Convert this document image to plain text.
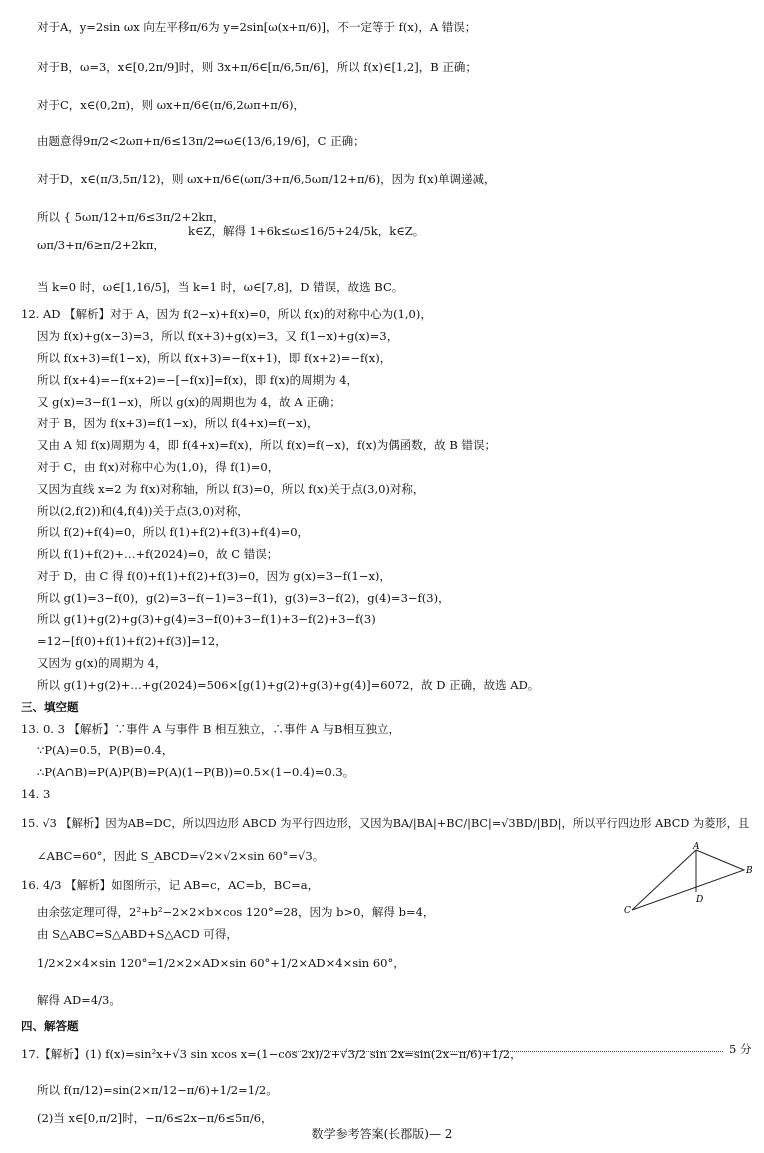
对于A，y=2sin ωx 向左平移π/6为 y=2sin[ω(x+π/6)]，不一定等于 f(x)，A 错误；
对于B，ω=3，x∈[0,2π/9]时，则 3x+π/6∈[π/6,5π/6]，所以 f(x)∈[1,2]，B 正确；
对于C，x∈(0,2π)，则 ωx+π/6∈(π/6,2ωπ+π/6)，
由题意得9π/2<2ωπ+π/6≤13π/2⇒ω∈(13/6,19/6]，C 正确；
对于D，x∈(π/3,5π/12)，则 ωx+π/6∈(ωπ/3+π/6,5ωπ/12+π/6)，因为 f(x)单调递减，
所以 { 5ωπ/12+π/6≤3π/2+2kπ，
k∈Z，解得 1+6k≤ω≤16/5+24/5k，k∈Z。
ωπ/3+π/6≥π/2+2kπ，
当 k=0 时，ω∈[1,16/5]，当 k=1 时，ω∈[7,8]，D 错误，故选 BC。
12. AD 【解析】对于 A，因为 f(2−x)+f(x)=0，所以 f(x)的对称中心为(1,0)，
因为 f(x)+g(x−3)=3，所以 f(x+3)+g(x)=3，又 f(1−x)+g(x)=3，
所以 f(x+3)=f(1−x)，所以 f(x+3)=−f(x+1)，即 f(x+2)=−f(x)，
所以 f(x+4)=−f(x+2)=−[−f(x)]=f(x)，即 f(x)的周期为 4，
又 g(x)=3−f(1−x)，所以 g(x)的周期也为 4，故 A 正确；
对于 B，因为 f(x+3)=f(1−x)，所以 f(4+x)=f(−x)，
又由 A 知 f(x)周期为 4，即 f(4+x)=f(x)，所以 f(x)=f(−x)，f(x)为偶函数，故 B 错误；
对于 C，由 f(x)对称中心为(1,0)，得 f(1)=0，
又因为直线 x=2 为 f(x)对称轴，所以 f(3)=0，所以 f(x)关于点(3,0)对称，
所以(2,f(2))和(4,f(4))关于点(3,0)对称，
所以 f(2)+f(4)=0，所以 f(1)+f(2)+f(3)+f(4)=0，
所以 f(1)+f(2)+…+f(2024)=0，故 C 错误；
对于 D，由 C 得 f(0)+f(1)+f(2)+f(3)=0，因为 g(x)=3−f(1−x)，
所以 g(1)=3−f(0)，g(2)=3−f(−1)=3−f(1)，g(3)=3−f(2)，g(4)=3−f(3)，
所以 g(1)+g(2)+g(3)+g(4)=3−f(0)+3−f(1)+3−f(2)+3−f(3)
=12−[f(0)+f(1)+f(2)+f(3)]=12，
又因为 g(x)的周期为 4，
所以 g(1)+g(2)+…+g(2024)=506×[g(1)+g(2)+g(3)+g(4)]=6072，故 D 正确，故选 AD。
三、填空题
13. 0. 3 【解析】∵事件 A 与事件 B 相互独立，∴事件 A 与B相互独立，
∵P(A)=0.5，P(B)=0.4，
∴P(A∩B)=P(A)P(B)=P(A)(1−P(B))=0.5×(1−0.4)=0.3。
14. 3
15. √3 【解析】因为AB=DC，所以四边形 ABCD 为平行四边形，又因为BA/|BA|+BC/|BC|=√3BD/|BD|，所以平行四边形 ABCD 为菱形，且
∠ABC=60°，因此 S_ABCD=√2×√2×sin 60°=√3。
16. 4/3 【解析】如图所示，记 AB=c，AC=b，BC=a，
由余弦定理可得，2²+b²−2×2×b×cos 120°=28，因为 b>0，解得 b=4，
由 S△ABC=S△ABD+S△ACD 可得，
1/2×2×4×sin 120°=1/2×2×AD×sin 60°+1/2×AD×4×sin 60°，
解得 AD=4/3。
四、解答题
17.【解析】(1) f(x)=sin²x+√3 sin xcos x=(1−cos 2x)/2+√3/2 sin 2x=sin(2x−π/6)+1/2，
所以 f(π/12)=sin(2×π/12−π/6)+1/2=1/2。
(2)当 x∈[0,π/2]时，−π/6≤2x−π/6≤5π/6，
A
B
C
D
5 分
数学参考答案(长郡版)— 2
